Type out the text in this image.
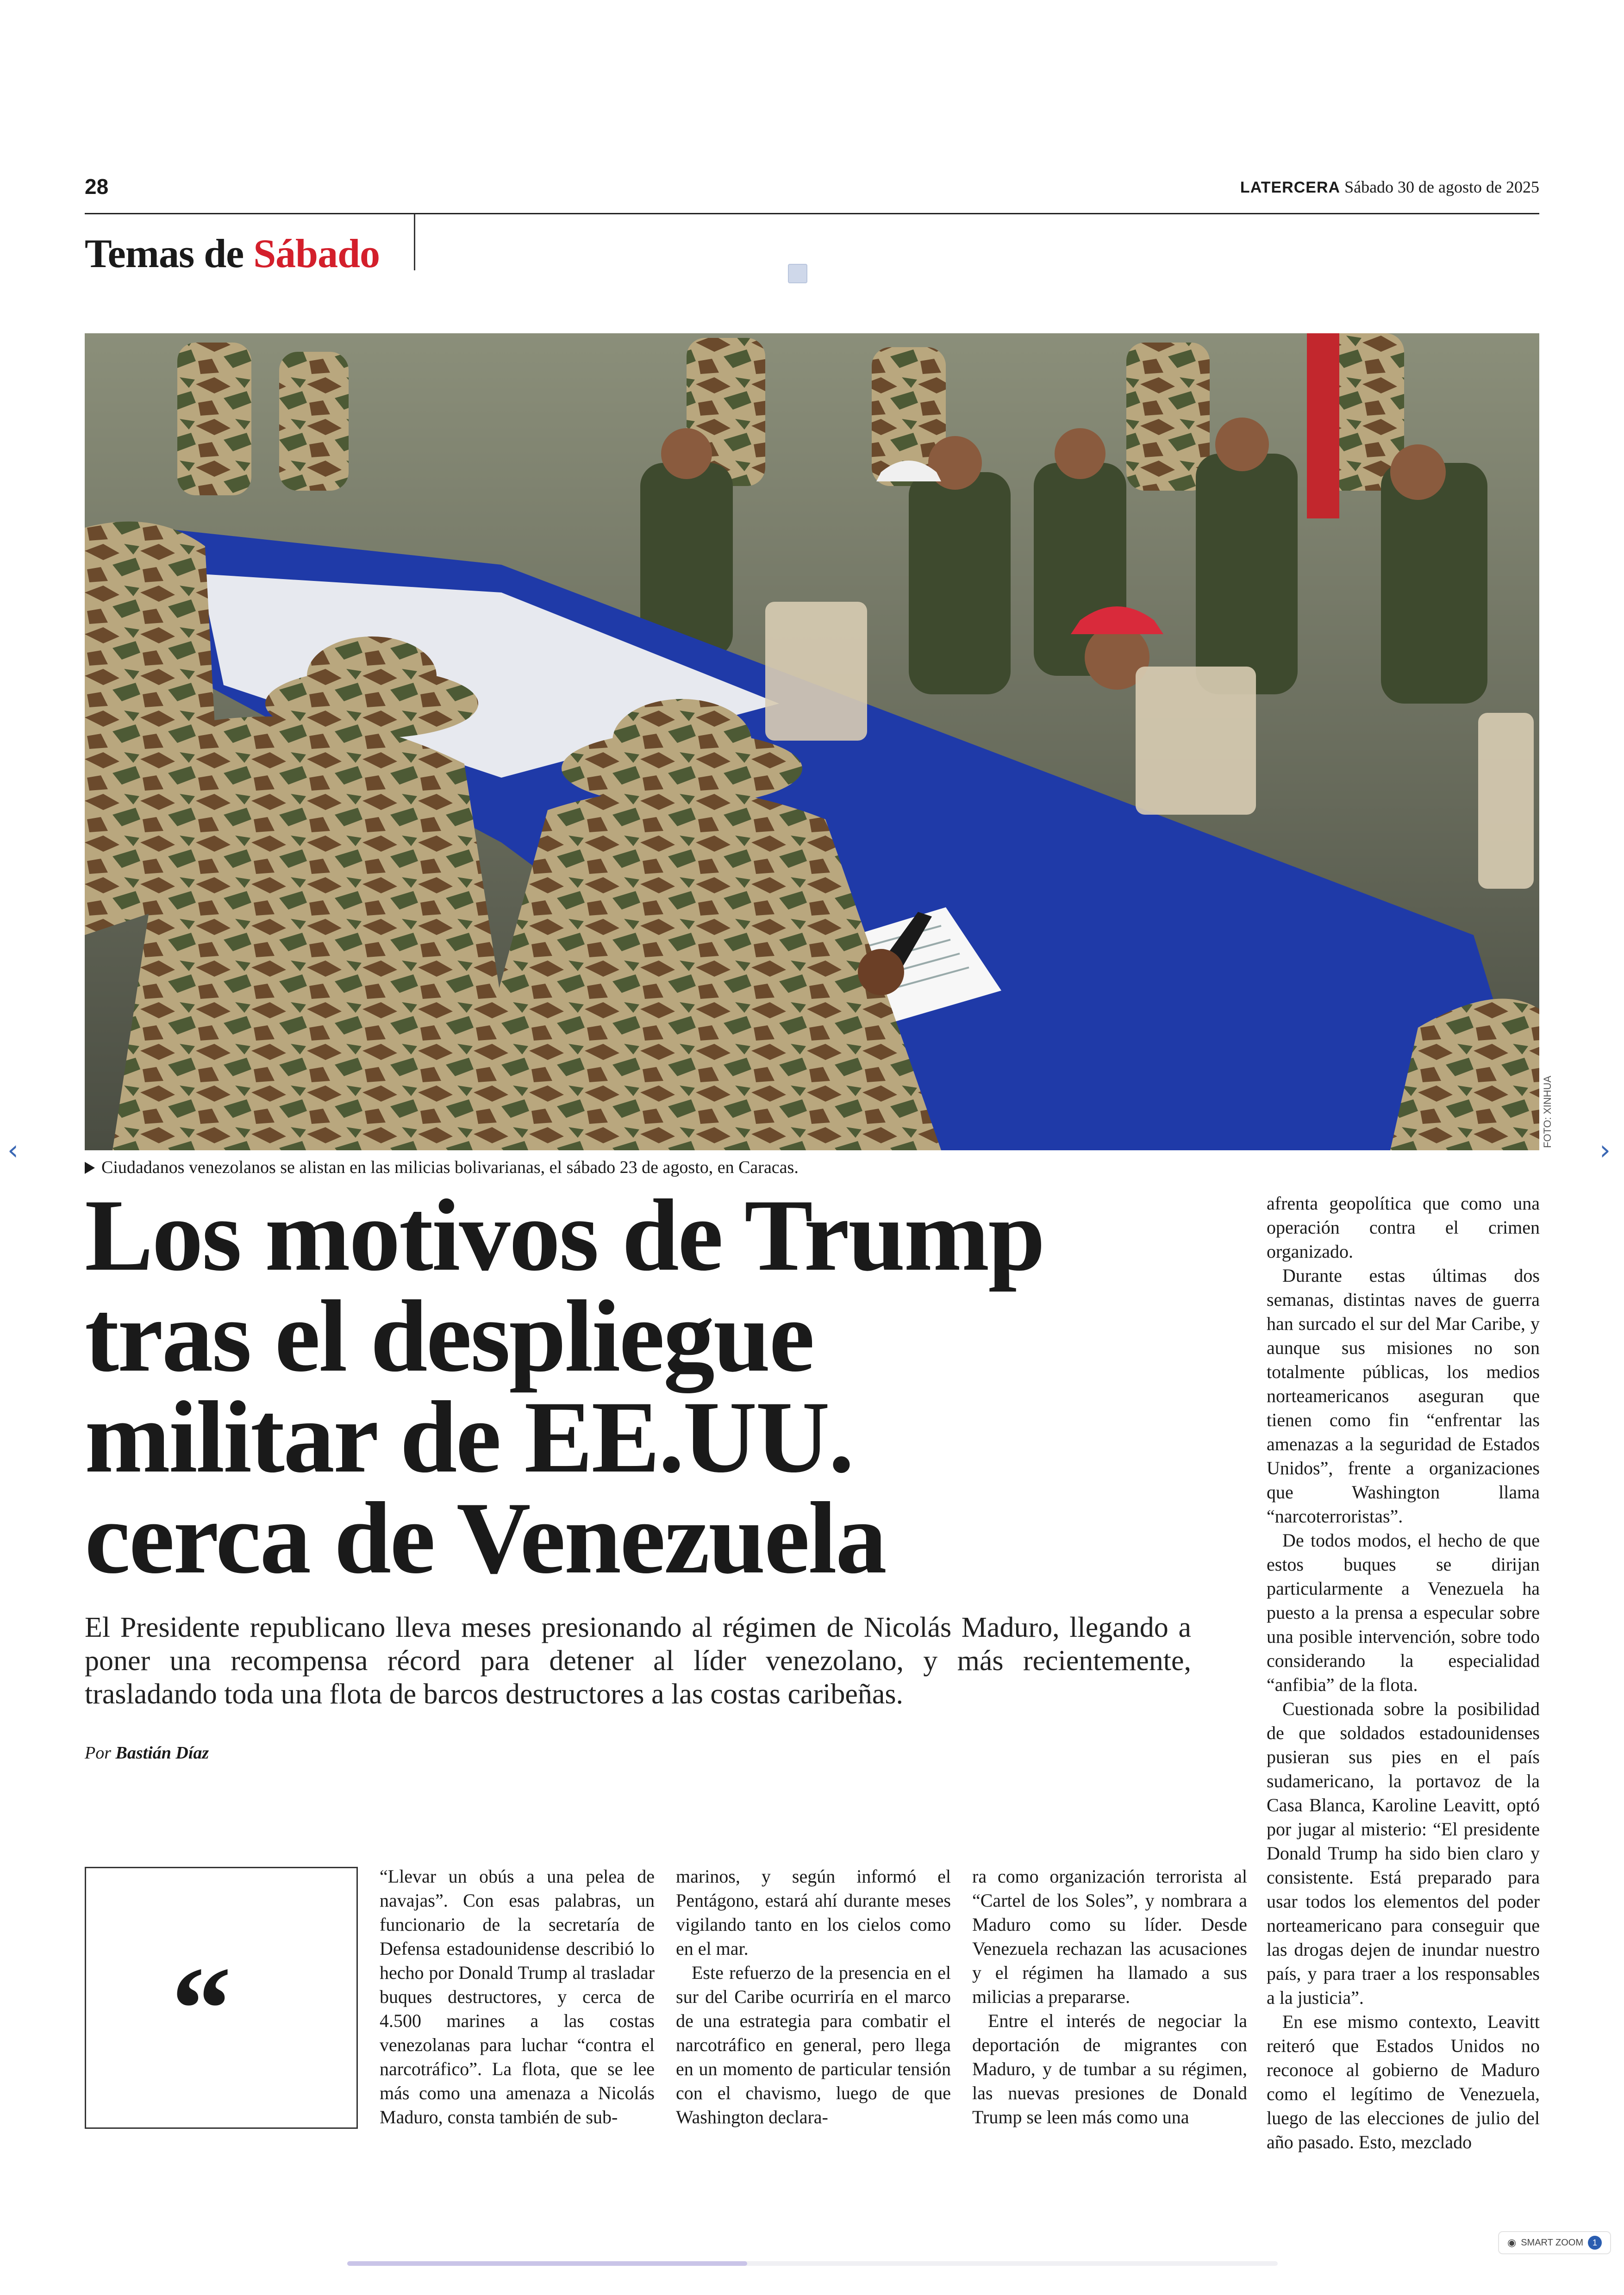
28	LATERCERA Sábado 30 de agosto de 2025
Temas de Sábado
FOTO: XINHUA
Ciudadanos venezolanos se alistan en las milicias bolivarianas, el sábado 23 de agosto, en Caracas.
Los motivos de Trump
tras el despliegue
militar de EE.UU.
cerca de Venezuela

El Presidente republicano lleva meses presionando al régimen de Nicolás Maduro, llegando a poner una recompensa récord para detener al líder venezolano, y más recientemente, trasladando toda una flota de barcos destructores a las costas caribeñas.

Por Bastián Díaz
“

“Llevar un obús a una pelea de navajas”. Con esas palabras, un funcionario de la secretaría de Defensa estadounidense describió lo hecho por Donald Trump al trasladar buques destructores, y cerca de 4.500 marines a las costas venezolanas para luchar “contra el narcotráfico”. La flota, que se lee más como una amenaza a Nicolás Maduro, consta también de sub-

marinos, y según informó el Pentágono, estará ahí durante meses vigilando tanto en los cielos como en el mar.

Este refuerzo de la presencia en el sur del Caribe ocurriría en el marco de una estrategia para combatir el narcotráfico en general, pero llega en un momento de particular tensión con el chavismo, luego de que Washington declara-

ra como organización terrorista al “Cartel de los Soles”, y nombrara a Maduro como su líder. Desde Venezuela rechazan las acusaciones y el régimen ha llamado a sus milicias a prepararse.

Entre el interés de negociar la deportación de migrantes con Maduro, y de tumbar a su régimen, las nuevas presiones de Donald Trump se leen más como una

afrenta geopolítica que como una operación contra el crimen organizado.

Durante estas últimas dos semanas, distintas naves de guerra han surcado el sur del Mar Caribe, y aunque sus misiones no son totalmente públicas, los medios norteamericanos aseguran que tienen como fin “enfrentar las amenazas a la seguridad de Estados Unidos”, frente a organizaciones que Washington llama “narcoterroristas”.

De todos modos, el hecho de que estos buques se dirijan particularmente a Venezuela ha puesto a la prensa a especular sobre una posible intervención, sobre todo considerando la especialidad “anfibia” de la flota.

Cuestionada sobre la posibilidad de que soldados estadounidenses pusieran sus pies en el país sudamericano, la portavoz de la Casa Blanca, Karoline Leavitt, optó por jugar al misterio: “El presidente Donald Trump ha sido bien claro y consistente. Está preparado para usar todos los elementos del poder norteamericano para conseguir que las drogas dejen de inundar nuestro país, y para traer a los responsables a la justicia”.

En ese mismo contexto, Leavitt reiteró que Estados Unidos no reconoce al gobierno de Maduro como el legítimo de Venezuela, luego de las elecciones de julio del año pasado. Esto, mezclado

‹	›
◉ SMART ZOOM	1
